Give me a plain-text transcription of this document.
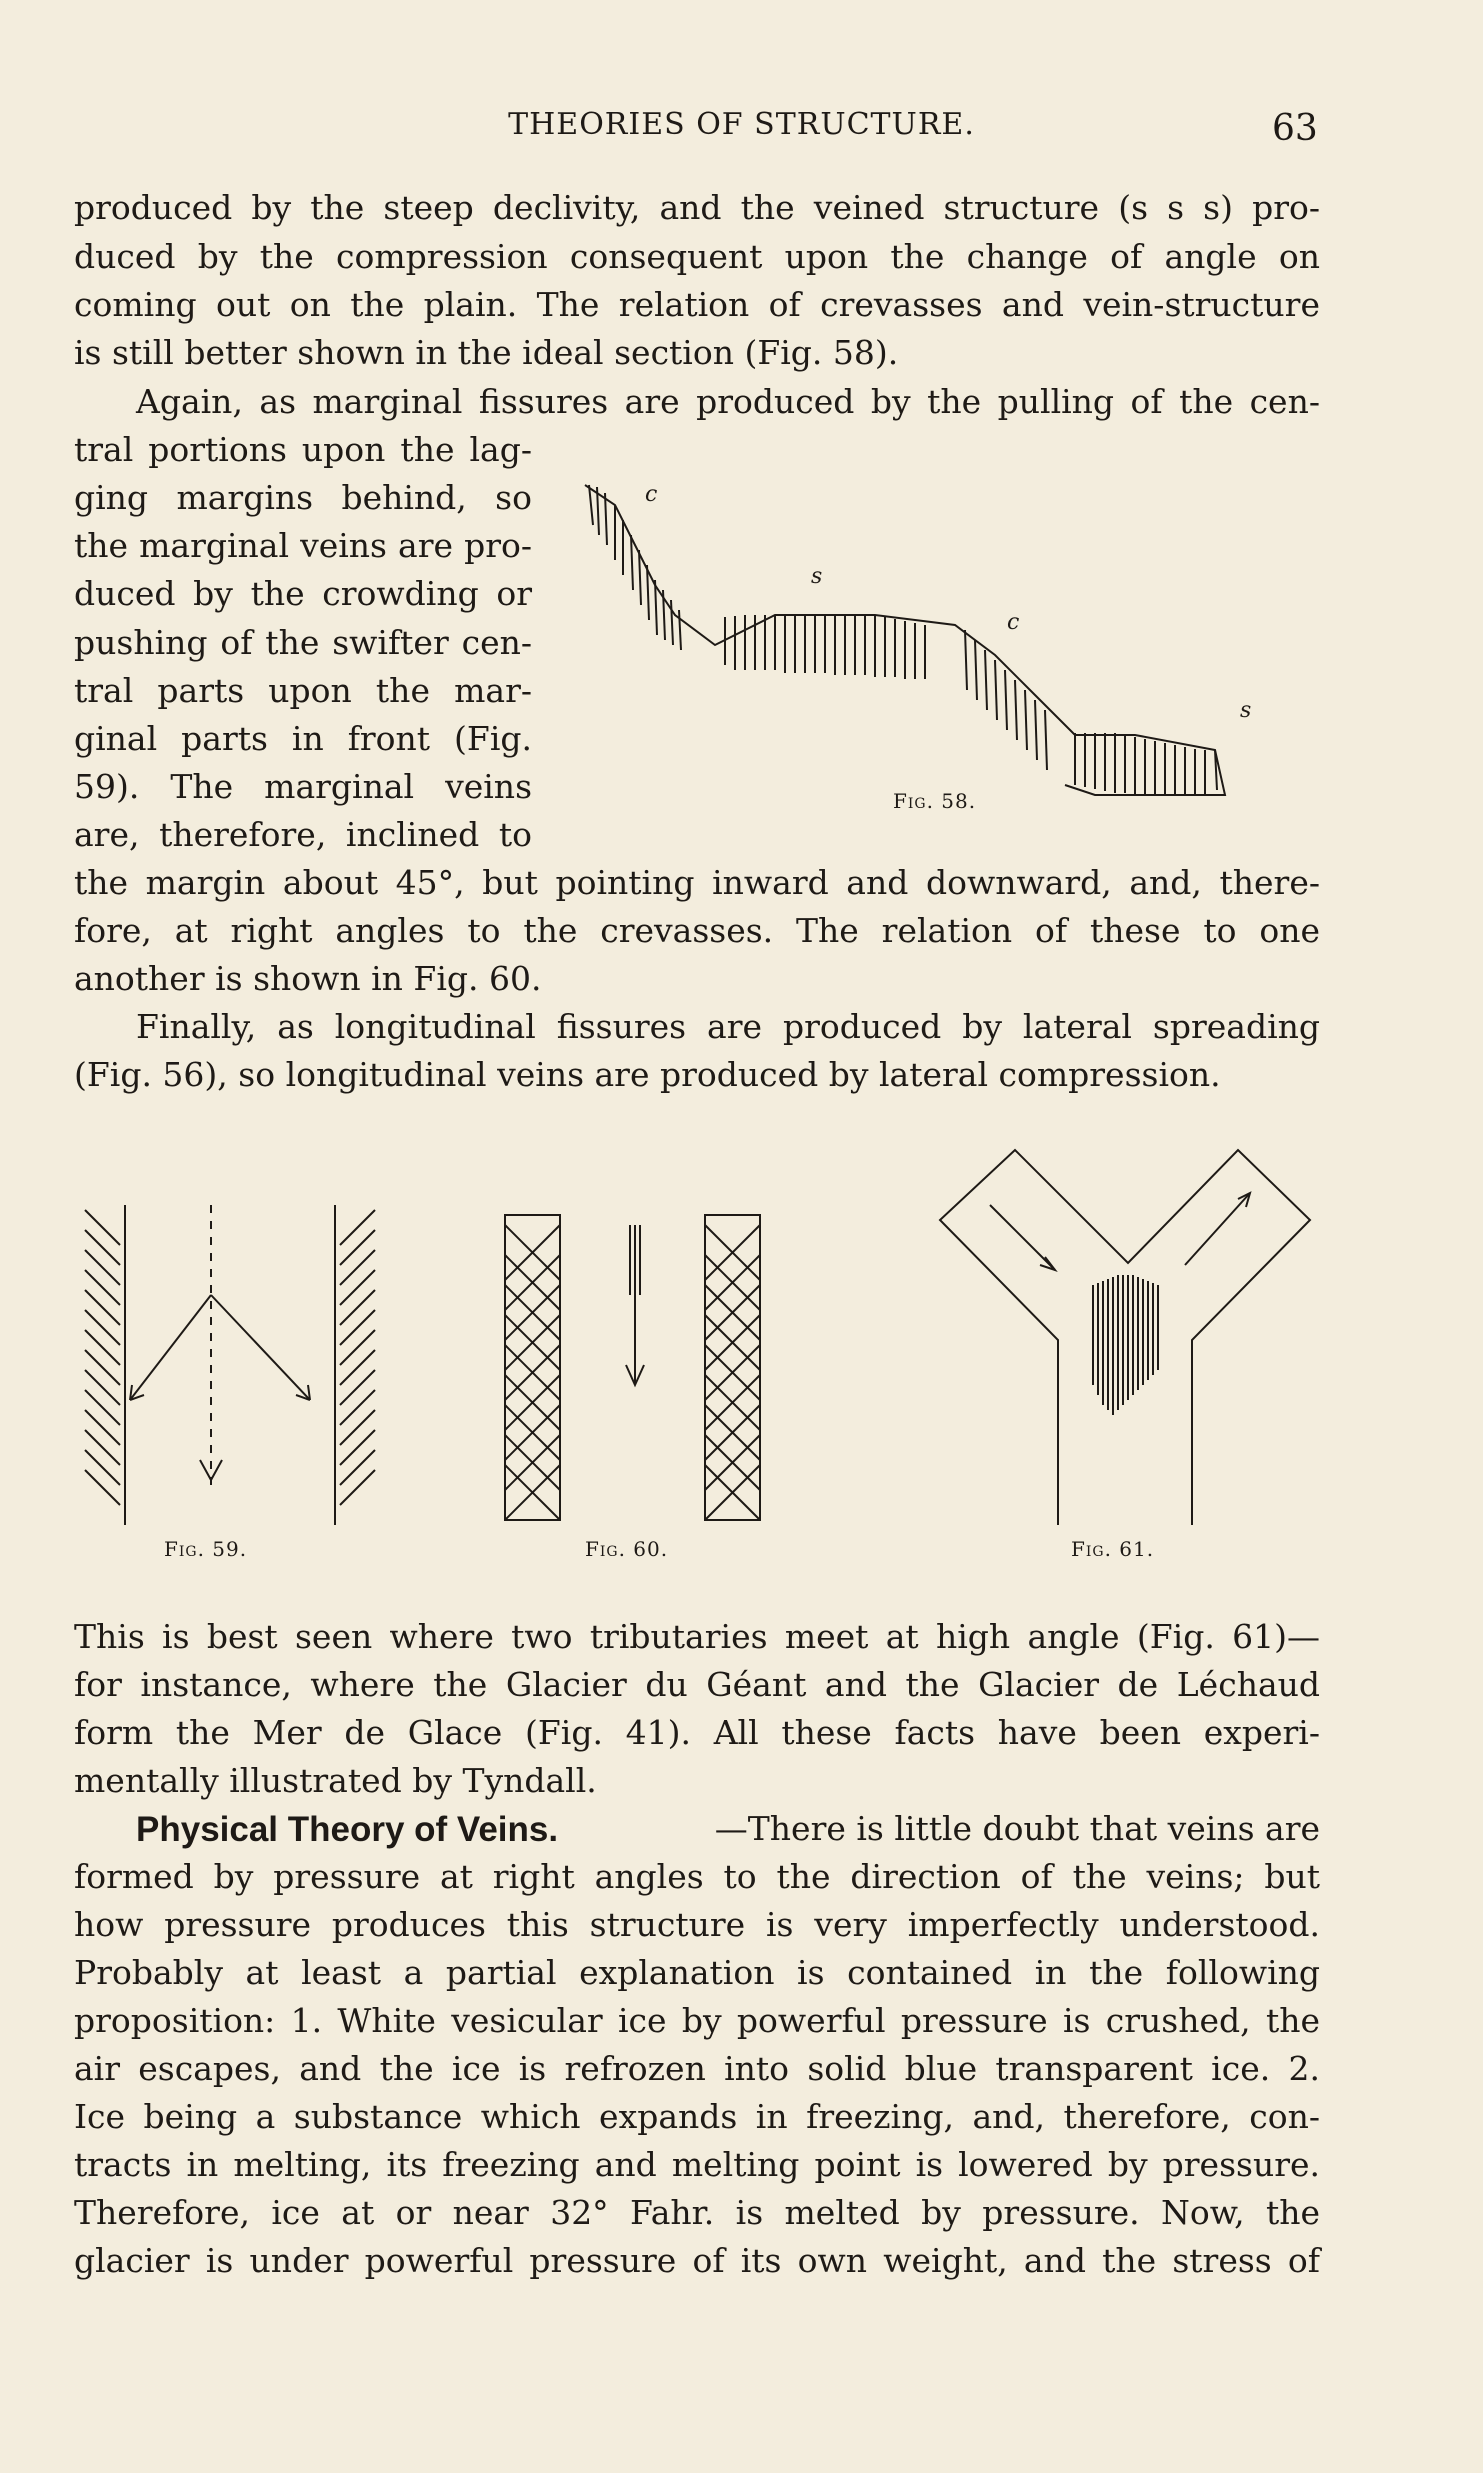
THEORIES OF STRUCTURE.	63
produced by the steep declivity, and the veined structure (s s s) pro-
duced by the compression consequent upon the change of angle on
coming out on the plain. The relation of crevasses and vein-structure
is still better shown in the ideal section (Fig. 58).
Again, as marginal fissures are produced by the pulling of the cen-
tral portions upon the lag-
ging margins behind, so
the marginal veins are pro-
duced by the crowding or
pushing of the swifter cen-
tral parts upon the mar-
ginal parts in front (Fig.
59). The marginal veins
are, therefore, inclined to
the margin about 45°, but pointing inward and downward, and, there-
fore, at right angles to the crevasses. The relation of these to one
another is shown in Fig. 60.
Finally, as longitudinal fissures are produced by lateral spreading
(Fig. 56), so longitudinal veins are produced by lateral compression.
c
s
c
s
Fig. 58.
Fig. 59.	Fig. 60.	Fig. 61.
This is best seen where two tributaries meet at high angle (Fig. 61)—
for instance, where the Glacier du Géant and the Glacier de Léchaud
form the Mer de Glace (Fig. 41). All these facts have been experi-
mentally illustrated by Tyndall.
Physical Theory of Veins.	—There is little doubt that veins are
formed by pressure at right angles to the direction of the veins; but
how pressure produces this structure is very imperfectly understood.
Probably at least a partial explanation is contained in the following
proposition: 1. White vesicular ice by powerful pressure is crushed, the
air escapes, and the ice is refrozen into solid blue transparent ice. 2.
Ice being a substance which expands in freezing, and, therefore, con-
tracts in melting, its freezing and melting point is lowered by pressure.
Therefore, ice at or near 32° Fahr. is melted by pressure. Now, the
glacier is under powerful pressure of its own weight, and the stress of
